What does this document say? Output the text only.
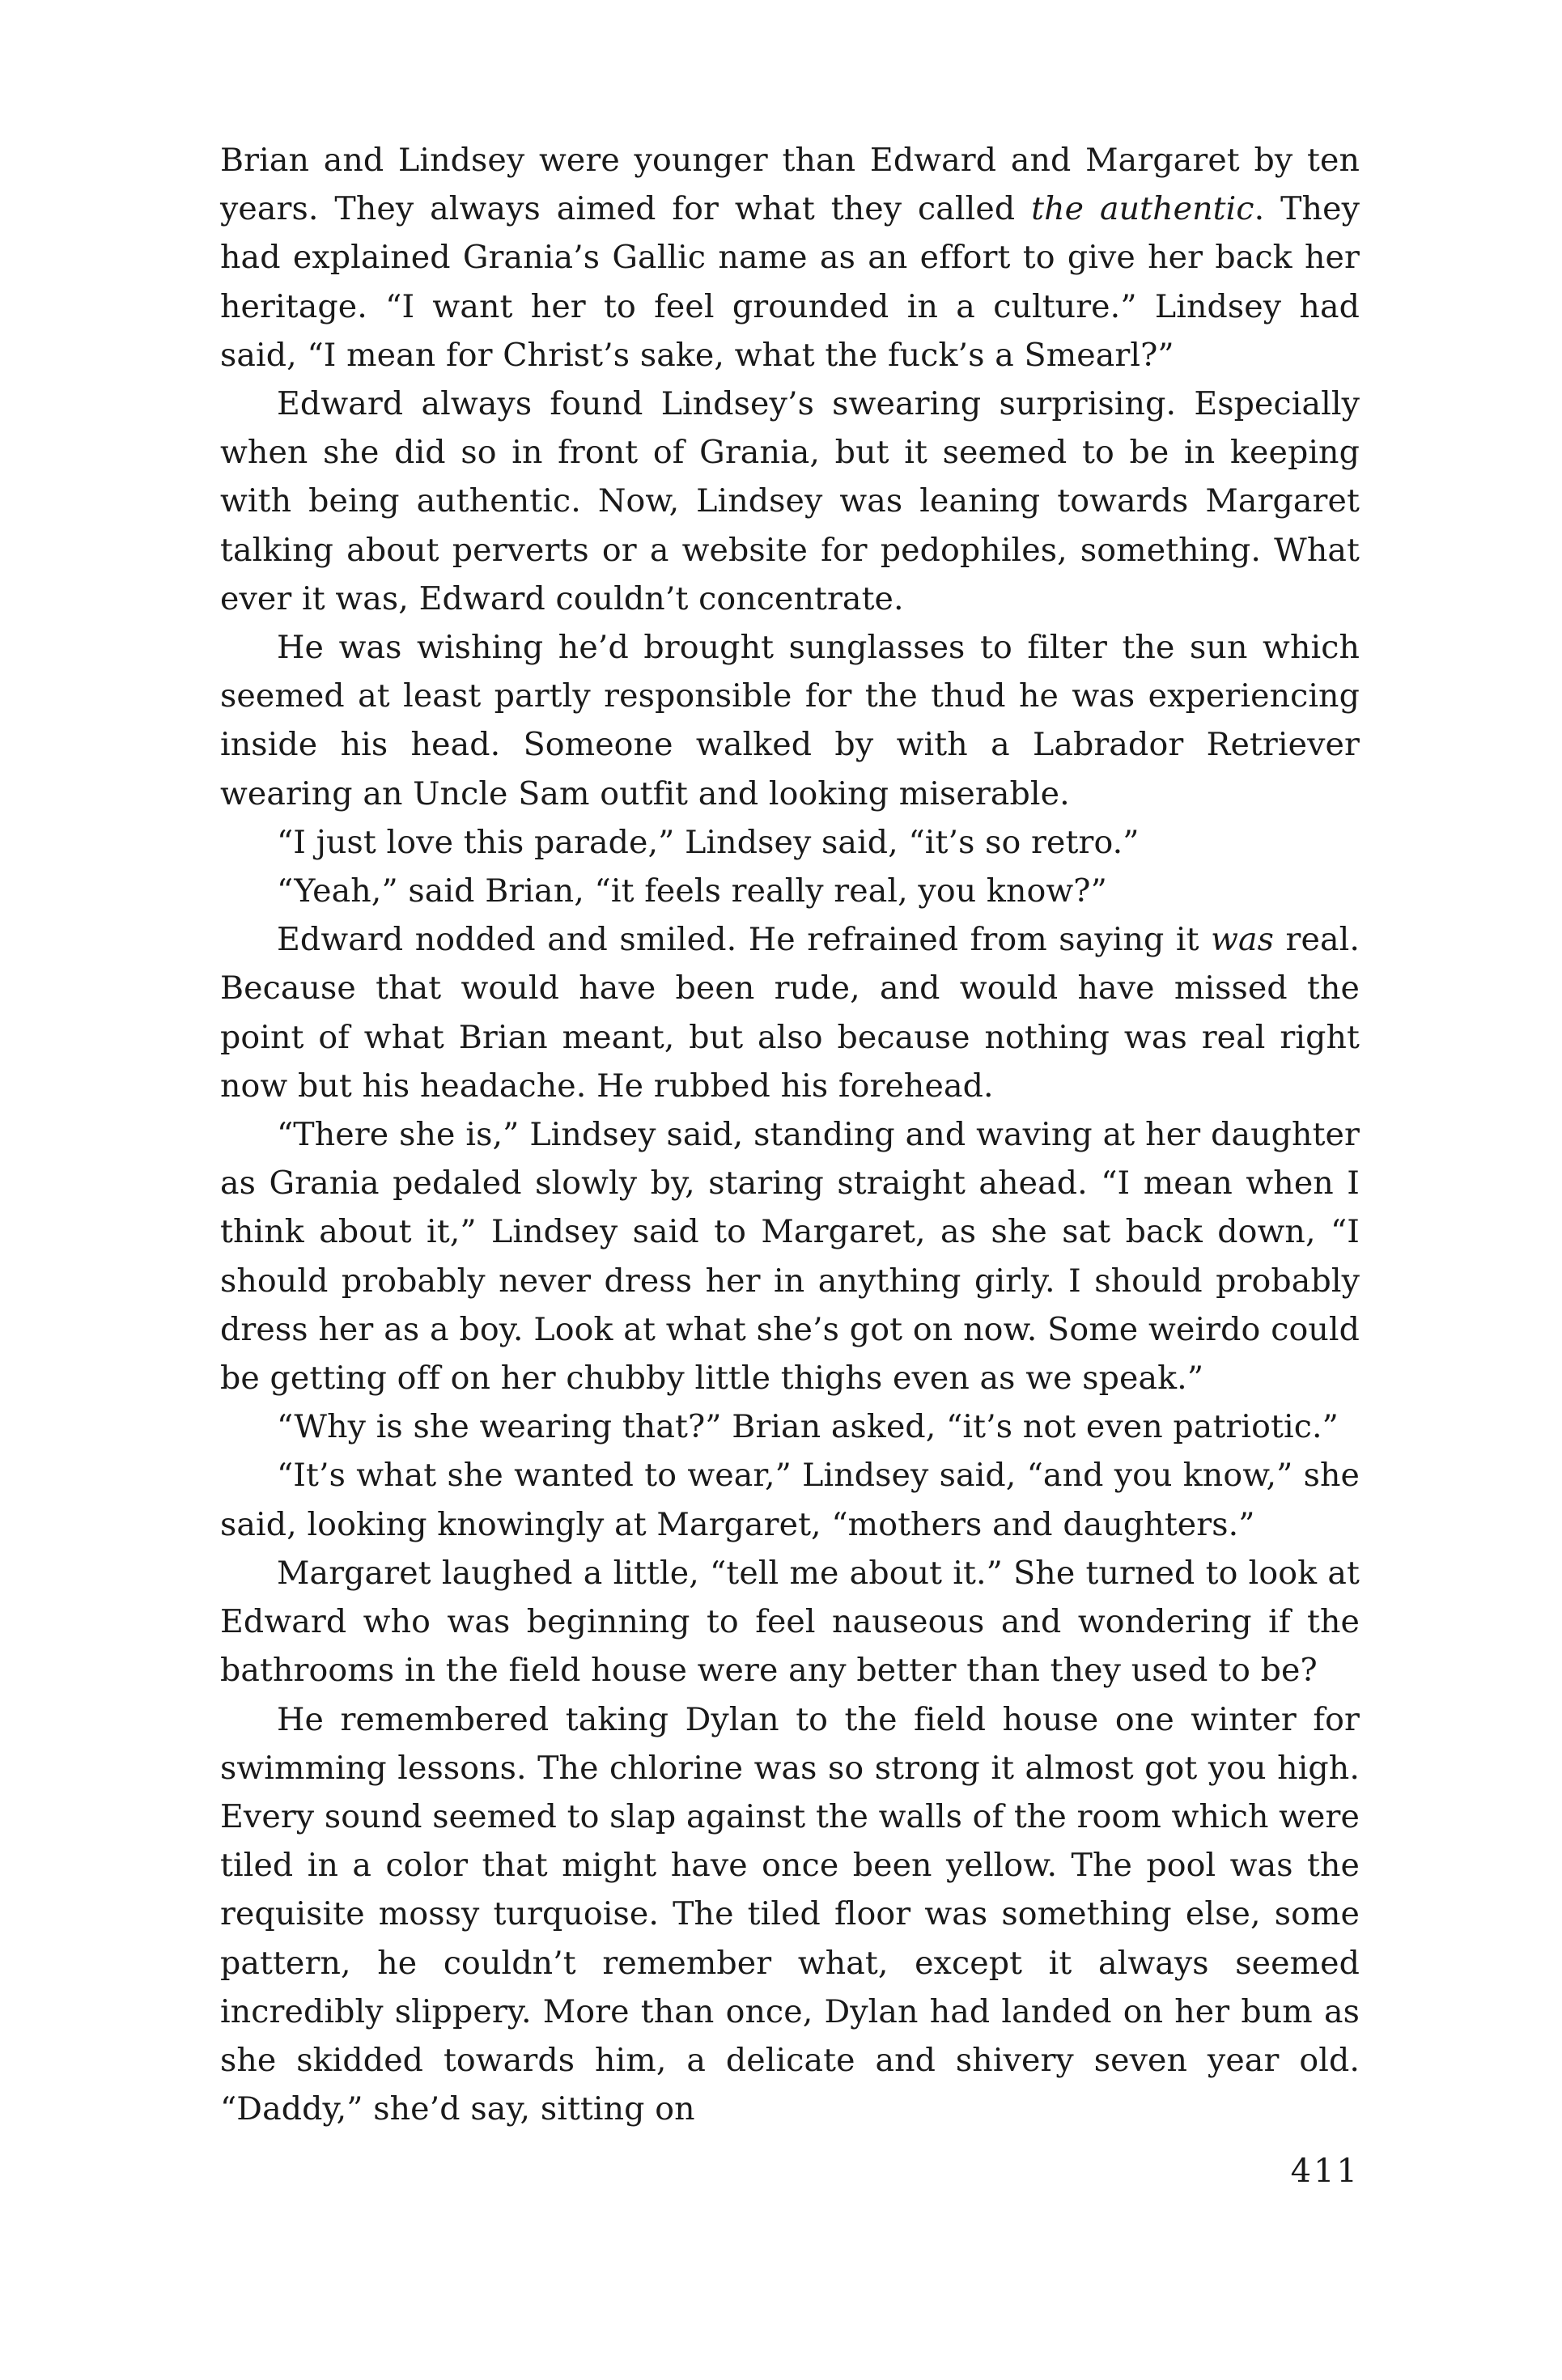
Brian and Lindsey were younger than Edward and Margaret by ten years. They always aimed for what they called the authentic. They had explained Grania’s Gallic name as an effort to give her back her heritage. “I want her to feel grounded in a culture.” Lindsey had said, “I mean for Christ’s sake, what the fuck’s a Smearl?”

Edward always found Lindsey’s swearing surprising. Especially when she did so in front of Grania, but it seemed to be in keeping with being authentic. Now, Lindsey was leaning towards Margaret talking about perverts or a website for pedophiles, something. What ever it was, Edward couldn’t concentrate.

He was wishing he’d brought sunglasses to filter the sun which seemed at least partly responsible for the thud he was experiencing inside his head. Someone walked by with a Labrador Retriever wearing an Uncle Sam outfit and looking miserable.

“I just love this parade,” Lindsey said, “it’s so retro.”

“Yeah,” said Brian, “it feels really real, you know?”

Edward nodded and smiled. He refrained from saying it was real. Because that would have been rude, and would have missed the point of what Brian meant, but also because nothing was real right now but his headache. He rubbed his forehead.

“There she is,” Lindsey said, standing and waving at her daughter as Grania pedaled slowly by, staring straight ahead. “I mean when I think about it,” Lindsey said to Margaret, as she sat back down, “I should probably never dress her in anything girly. I should probably dress her as a boy. Look at what she’s got on now. Some weirdo could be getting off on her chubby little thighs even as we speak.”

“Why is she wearing that?” Brian asked, “it’s not even patriotic.”

“It’s what she wanted to wear,” Lindsey said, “and you know,” she said, looking knowingly at Margaret, “mothers and daughters.”

Margaret laughed a little, “tell me about it.” She turned to look at Edward who was beginning to feel nauseous and wondering if the bathrooms in the field house were any better than they used to be?

He remembered taking Dylan to the field house one winter for swimming lessons. The chlorine was so strong it almost got you high. Every sound seemed to slap against the walls of the room which were tiled in a color that might have once been yellow. The pool was the requisite mossy turquoise. The tiled floor was something else, some pattern, he couldn’t remember what, except it always seemed incredibly slippery. More than once, Dylan had landed on her bum as she skidded towards him, a delicate and shivery seven year old. “Daddy,” she’d say, sitting on

411
